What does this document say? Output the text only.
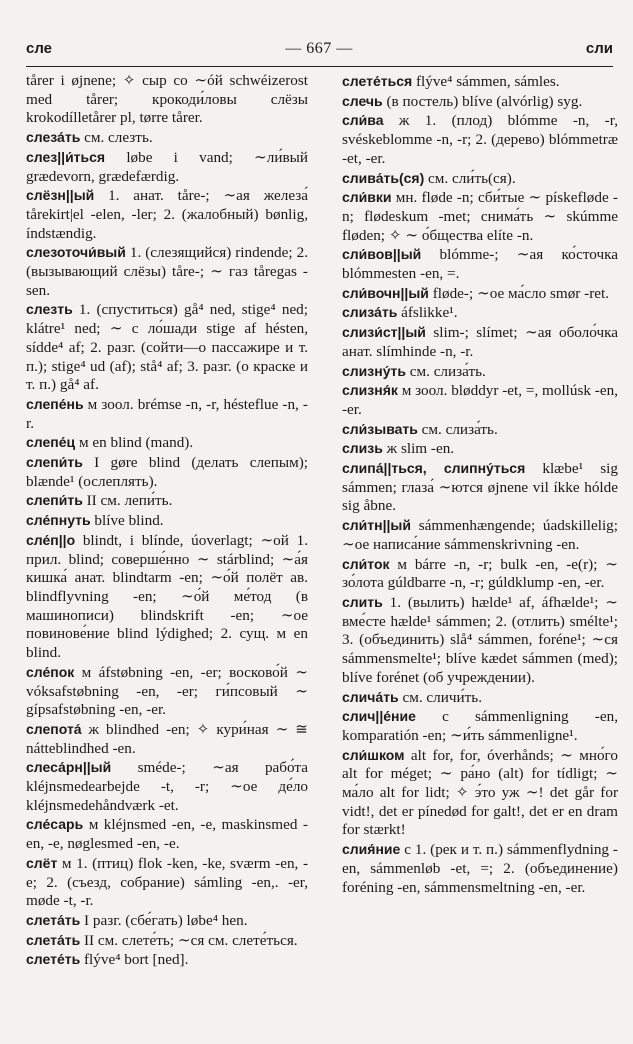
сле	— 667 —	сли

tårer i øjnene; ✧ сыр со ∼óй schwéizerost med tårer; крокоди́ловы слёзы krokodílletårer pl, tørre tårer.

слеза́ть см. слезть.

слез||и́ться løbe i vand; ∼ли́вый grædevorn, grædefærdig.

слёзн||ый 1. анат. tåre-; ∼ая железа́ tårekirt|el -elen, -ler; 2. (жалобный) bønlig, índstændig.

слезоточи́вый 1. (слезящийся) rindende; 2. (вызывающий слёзы) tåre-; ∼ газ tåregas -sen.

слезть 1. (спуститься) gå⁴ ned, stige⁴ ned; klátre¹ ned; ∼ с ло́шади stige af hésten, sídde⁴ af; 2. разг. (сойти—о пассажире и т. п.); stige⁴ ud (af); stå⁴ af; 3. разг. (о краске и т. п.) gå⁴ af.

слепе́нь м зоол. brémse -n, -r, hésteflue -n, -r.

слепе́ц м en blind (mand).

слепи́ть I gøre blind (делать слепым); blænde¹ (ослеплять).

слепи́ть II см. лепи́ть.

сле́пнуть blíve blind.

сле́п||о blindt, i blínde, úoverlagt; ∼ой 1. прил. blind; соверше́нно ∼ stárblind; ∼а́я кишка́ анат. blindtarm -en; ∼о́й полёт ав. blindflyvning -en; ∼о́й ме́тод (в машинописи) blindskrift -en; ∼ое повинове́ние blind lýdighed; 2. сущ. м en blind.

сле́пок м áfstøbning -en, -er; восково́й ∼ vóksafstøbning -en, -er; ги́псовый ∼ gípsafstøbning -en, -er.

слепота́ ж blindhed -en; ✧ кури́ная ∼ ≅ nátteblindhed -en.

слеса́рн||ый sméde-; ∼ая рабо́та kléjnsmedearbejde -t, -r; ∼ое де́ло kléjnsmedehåndværk -et.

сле́сарь м kléjnsmed -en, -e, maskinsmed -en, -e, nøglesmed -en, -e.

слёт м 1. (птиц) flok -ken, -ke, sværm -en, -e; 2. (съезд, собрание) sámling -en,. -er, møde -t, -r.

слета́ть I разг. (сбе́гать) løbe⁴ hen.

слета́ть II см. слете́ть; ∼ся см. слете́ться.

слете́ть flýve⁴ bort [ned].

слете́ться flýve⁴ sámmen, sámles.

слечь (в постель) blíve (alvórlig) syg.

сли́ва ж 1. (плод) blómme -n, -r, svéskeblomme -n, -r; 2. (дерево) blómmetræ -et, -er.

слива́ть(ся) см. сли́ть(ся).

сли́вки мн. fløde -n; сби́тые ∼ pískefløde -n; flødeskum -met; снима́ть ∼ skúmme fløden; ✧ ∼ о́бщества elíte -n.

сли́вов||ый blómme-; ∼ая ко́сточка blómmesten -en, =.

сли́вочн||ый fløde-; ∼ое ма́сло smør -ret.

слиза́ть áfslikke¹.

слизи́ст||ый slim-; slímet; ∼ая оболо́чка анат. slímhinde -n, -r.

слизну́ть см. слиза́ть.

слизня́к м зоол. bløddyr -et, =, mollúsk -en, -er.

сли́зывать см. слиза́ть.

слизь ж slim -en.

слипа́||ться, слипну́ться klæbe¹ sig sámmen; глаза́ ∼ются øjnene vil íkke hólde sig åbne.

сли́тн||ый sámmenhængende; úadskillelig; ∼ое написа́ние sámmenskrivning -en.

сли́ток м bárre -n, -r; bulk -en, -e(r); ∼ зо́лота gúldbarre -n, -r; gúldklump -en, -er.

слить 1. (вылить) hælde¹ af, áfhælde¹; ∼ вме́сте hælde¹ sámmen; 2. (отлить) smélte¹; 3. (объединить) slå⁴ sámmen, foréne¹; ∼ся sámmensmelte¹; blíve kædet sámmen (med); blíve forénet (об учреждении).

слича́ть см. сличи́ть.

слич||е́ние с sámmenligning -en, komparatión -en; ∼и́ть sámmenligne¹.

сли́шком alt for, for, óverhånds; ∼ мно́го alt for méget; ∼ ра́но (alt) for tídligt; ∼ ма́ло alt for lidt; ✧ э́то уж ∼! det går for vidt!, det er pínedød for galt!, det er en dram for stærkt!

слия́ние с 1. (рек и т. п.) sámmenflydning -en, sámmenløb -et, =; 2. (объединение) foréning -en, sámmensmeltning -en, -er.
